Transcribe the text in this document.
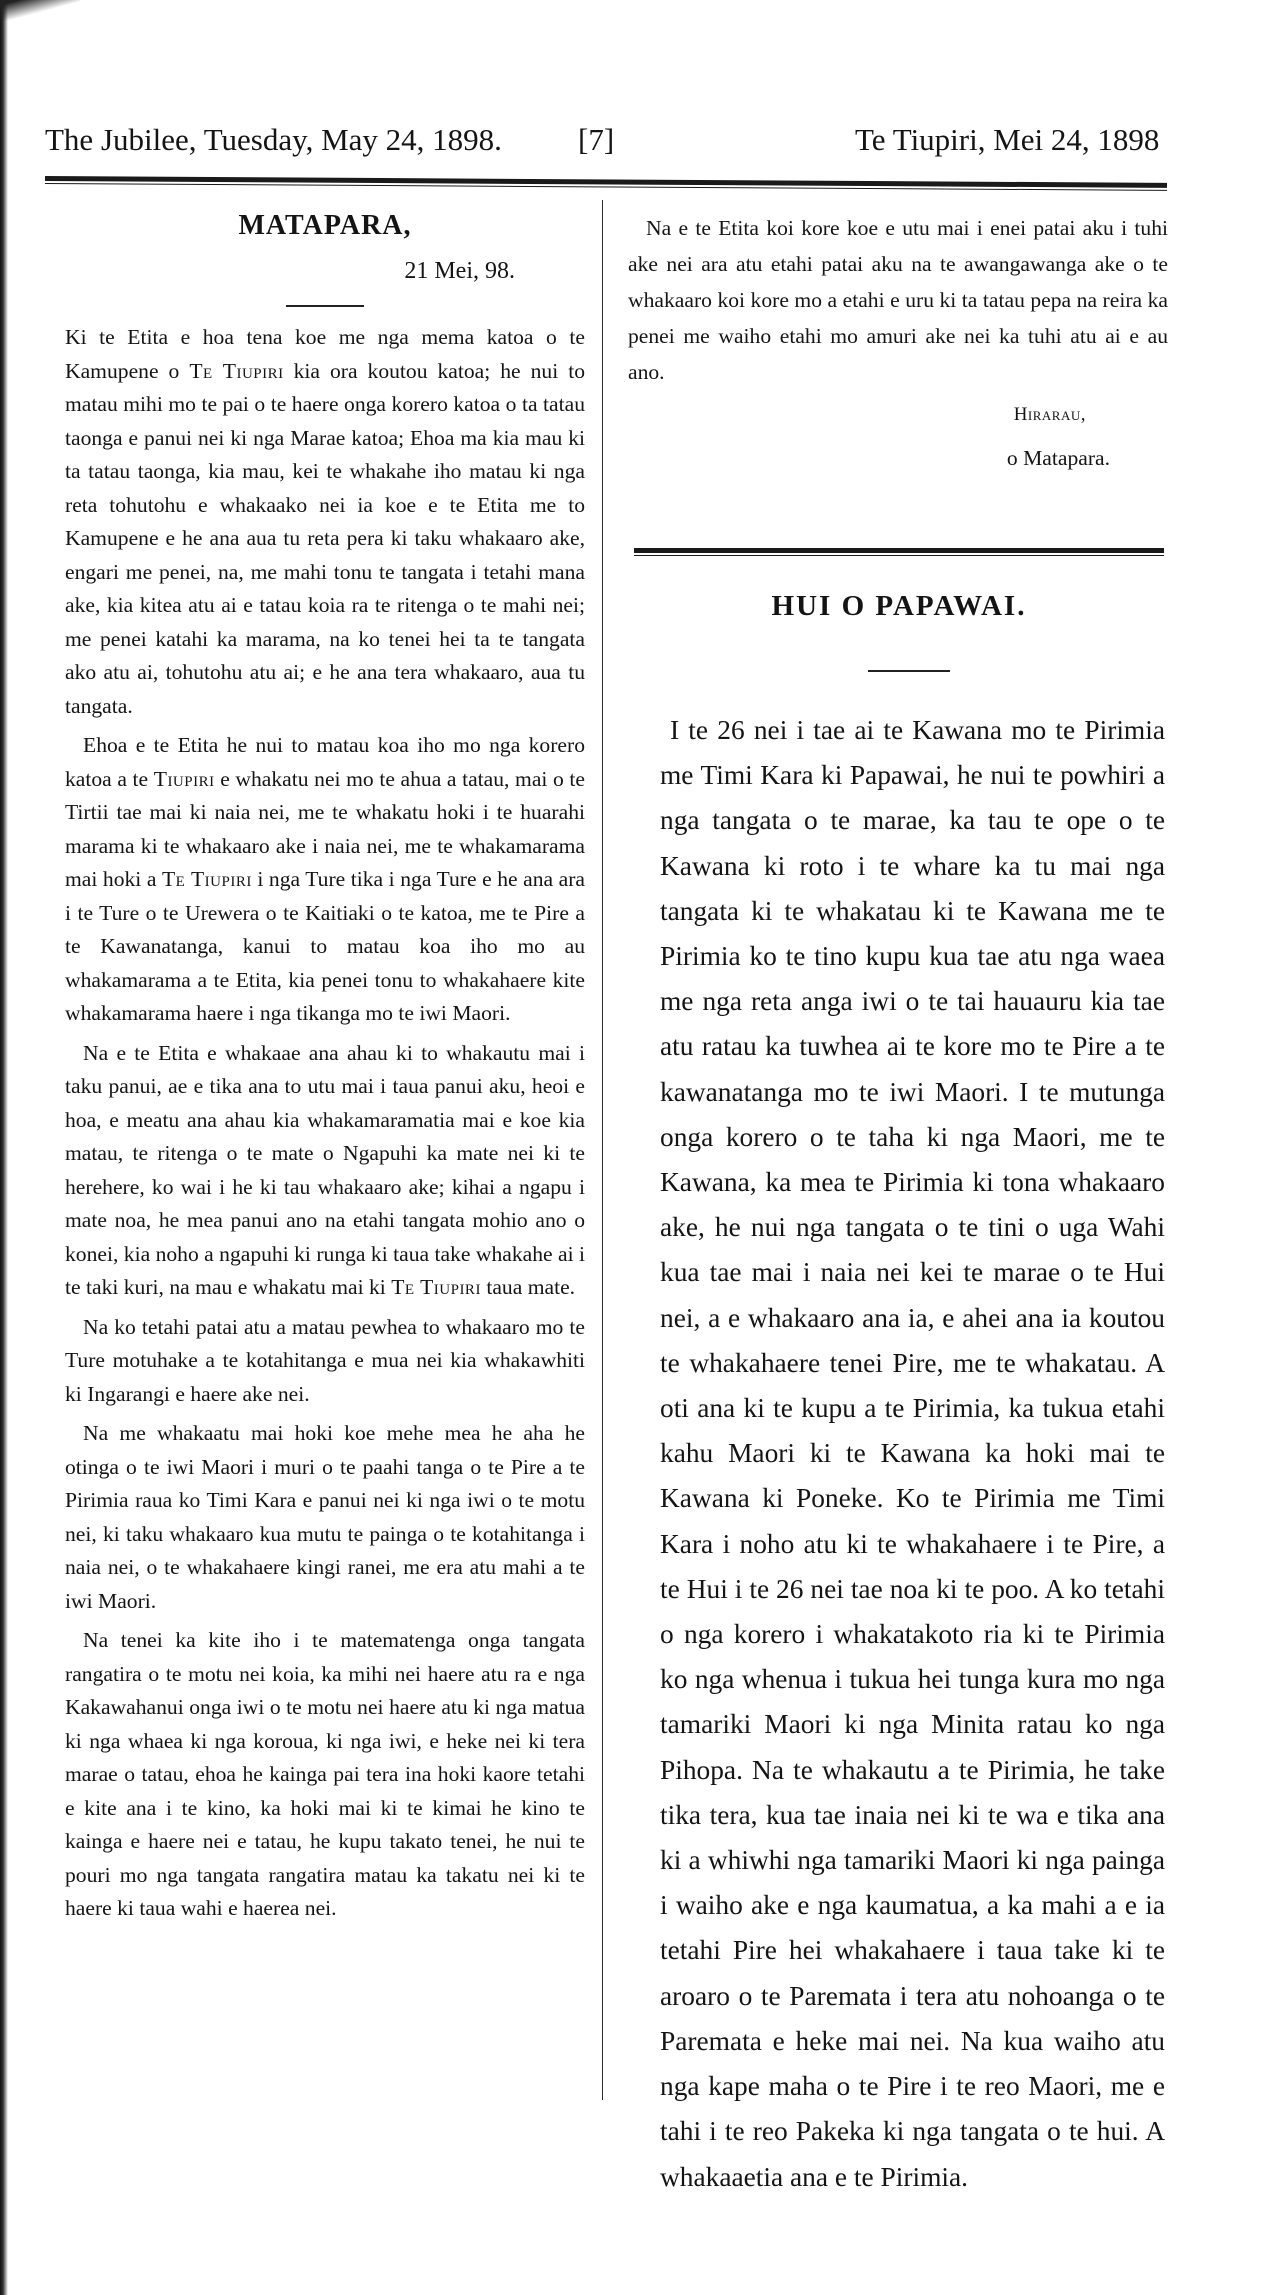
The Jubilee, Tuesday, May 24, 1898. [7]	Te Tiupiri, Mei 24, 1898
MATAPARA,
21 Mei, 98.

Ki te Etita e hoa tena koe me nga mema katoa o te Kamupene o Te Tiupiri kia ora koutou katoa; he nui to matau mihi mo te pai o te haere onga korero katoa o ta tatau taonga e panui nei ki nga Marae katoa; Ehoa ma kia mau ki ta tatau taonga, kia mau, kei te whakahe iho matau ki nga reta tohutohu e whakaako nei ia koe e te Etita me to Kamupene e he ana aua tu reta pera ki taku whakaaro ake, engari me penei, na, me mahi tonu te tangata i tetahi mana ake, kia kitea atu ai e tatau koia ra te ritenga o te mahi nei; me penei katahi ka marama, na ko tenei hei ta te tangata ako atu ai, tohutohu atu ai; e he ana tera whakaaro, aua tu tangata.

Ehoa e te Etita he nui to matau koa iho mo nga korero katoa a te Tiupiri e whakatu nei mo te ahua a tatau, mai o te Tirtii tae mai ki naia nei, me te whakatu hoki i te huarahi marama ki te whakaaro ake i naia nei, me te whakamarama mai hoki a Te Tiupiri i nga Ture tika i nga Ture e he ana ara i te Ture o te Urewera o te Kaitiaki o te katoa, me te Pire a te Kawanatanga, kanui to matau koa iho mo au whakamarama a te Etita, kia penei tonu to whakahaere kite whakamarama haere i nga tikanga mo te iwi Maori.

Na e te Etita e whakaae ana ahau ki to whakautu mai i taku panui, ae e tika ana to utu mai i taua panui aku, heoi e hoa, e meatu ana ahau kia whakamaramatia mai e koe kia matau, te ritenga o te mate o Ngapuhi ka mate nei ki te herehere, ko wai i he ki tau whakaaro ake; kihai a ngapu i mate noa, he mea panui ano na etahi tangata mohio ano o konei, kia noho a ngapuhi ki runga ki taua take whakahe ai i te taki kuri, na mau e whakatu mai ki Te Tiupiri taua mate.

Na ko tetahi patai atu a matau pewhea to whakaaro mo te Ture motuhake a te kotahitanga e mua nei kia whakawhiti ki Ingarangi e haere ake nei.

Na me whakaatu mai hoki koe mehe mea he aha he otinga o te iwi Maori i muri o te paahi tanga o te Pire a te Pirimia raua ko Timi Kara e panui nei ki nga iwi o te motu nei, ki taku whakaaro kua mutu te painga o te kotahitanga i naia nei, o te whakahaere kingi ranei, me era atu mahi a te iwi Maori.

Na tenei ka kite iho i te matematenga onga tangata rangatira o te motu nei koia, ka mihi nei haere atu ra e nga Kakawahanui onga iwi o te motu nei haere atu ki nga matua ki nga whaea ki nga koroua, ki nga iwi, e heke nei ki tera marae o tatau, ehoa he kainga pai tera ina hoki kaore tetahi e kite ana i te kino, ka hoki mai ki te kimai he kino te kainga e haere nei e tatau, he kupu takato tenei, he nui te pouri mo nga tangata rangatira matau ka takatu nei ki te haere ki taua wahi e haerea nei.

Na e te Etita koi kore koe e utu mai i enei patai aku i tuhi ake nei ara atu etahi patai aku na te awangawanga ake o te whakaaro koi kore mo a etahi e uru ki ta tatau pepa na reira ka penei me waiho etahi mo amuri ake nei ka tuhi atu ai e au ano.

Hirarau,
o Matapara.
HUI O PAPAWAI.

I te 26 nei i tae ai te Kawana mo te Pirimia me Timi Kara ki Papawai, he nui te powhiri a nga tangata o te marae, ka tau te ope o te Kawana ki roto i te whare ka tu mai nga tangata ki te whakatau ki te Kawana me te Pirimia ko te tino kupu kua tae atu nga waea me nga reta anga iwi o te tai hauauru kia tae atu ratau ka tuwhea ai te kore mo te Pire a te kawanatanga mo te iwi Maori. I te mutunga onga korero o te taha ki nga Maori, me te Kawana, ka mea te Pirimia ki tona whakaaro ake, he nui nga tangata o te tini o uga Wahi kua tae mai i naia nei kei te marae o te Hui nei, a e whakaaro ana ia, e ahei ana ia koutou te whakahaere tenei Pire, me te whakatau. A oti ana ki te kupu a te Pirimia, ka tukua etahi kahu Maori ki te Kawana ka hoki mai te Kawana ki Poneke. Ko te Pirimia me Timi Kara i noho atu ki te whakahaere i te Pire, a te Hui i te 26 nei tae noa ki te poo. A ko tetahi o nga korero i whakatakoto ria ki te Pirimia ko nga whenua i tukua hei tunga kura mo nga tamariki Maori ki nga Minita ratau ko nga Pihopa. Na te whakautu a te Pirimia, he take tika tera, kua tae inaia nei ki te wa e tika ana ki a whiwhi nga tamariki Maori ki nga painga i waiho ake e nga kaumatua, a ka mahi a e ia tetahi Pire hei whakahaere i taua take ki te aroaro o te Paremata i tera atu nohoanga o te Paremata e heke mai nei. Na kua waiho atu nga kape maha o te Pire i te reo Maori, me e tahi i te reo Pakeka ki nga tangata o te hui. A whakaaetia ana e te Pirimia.
